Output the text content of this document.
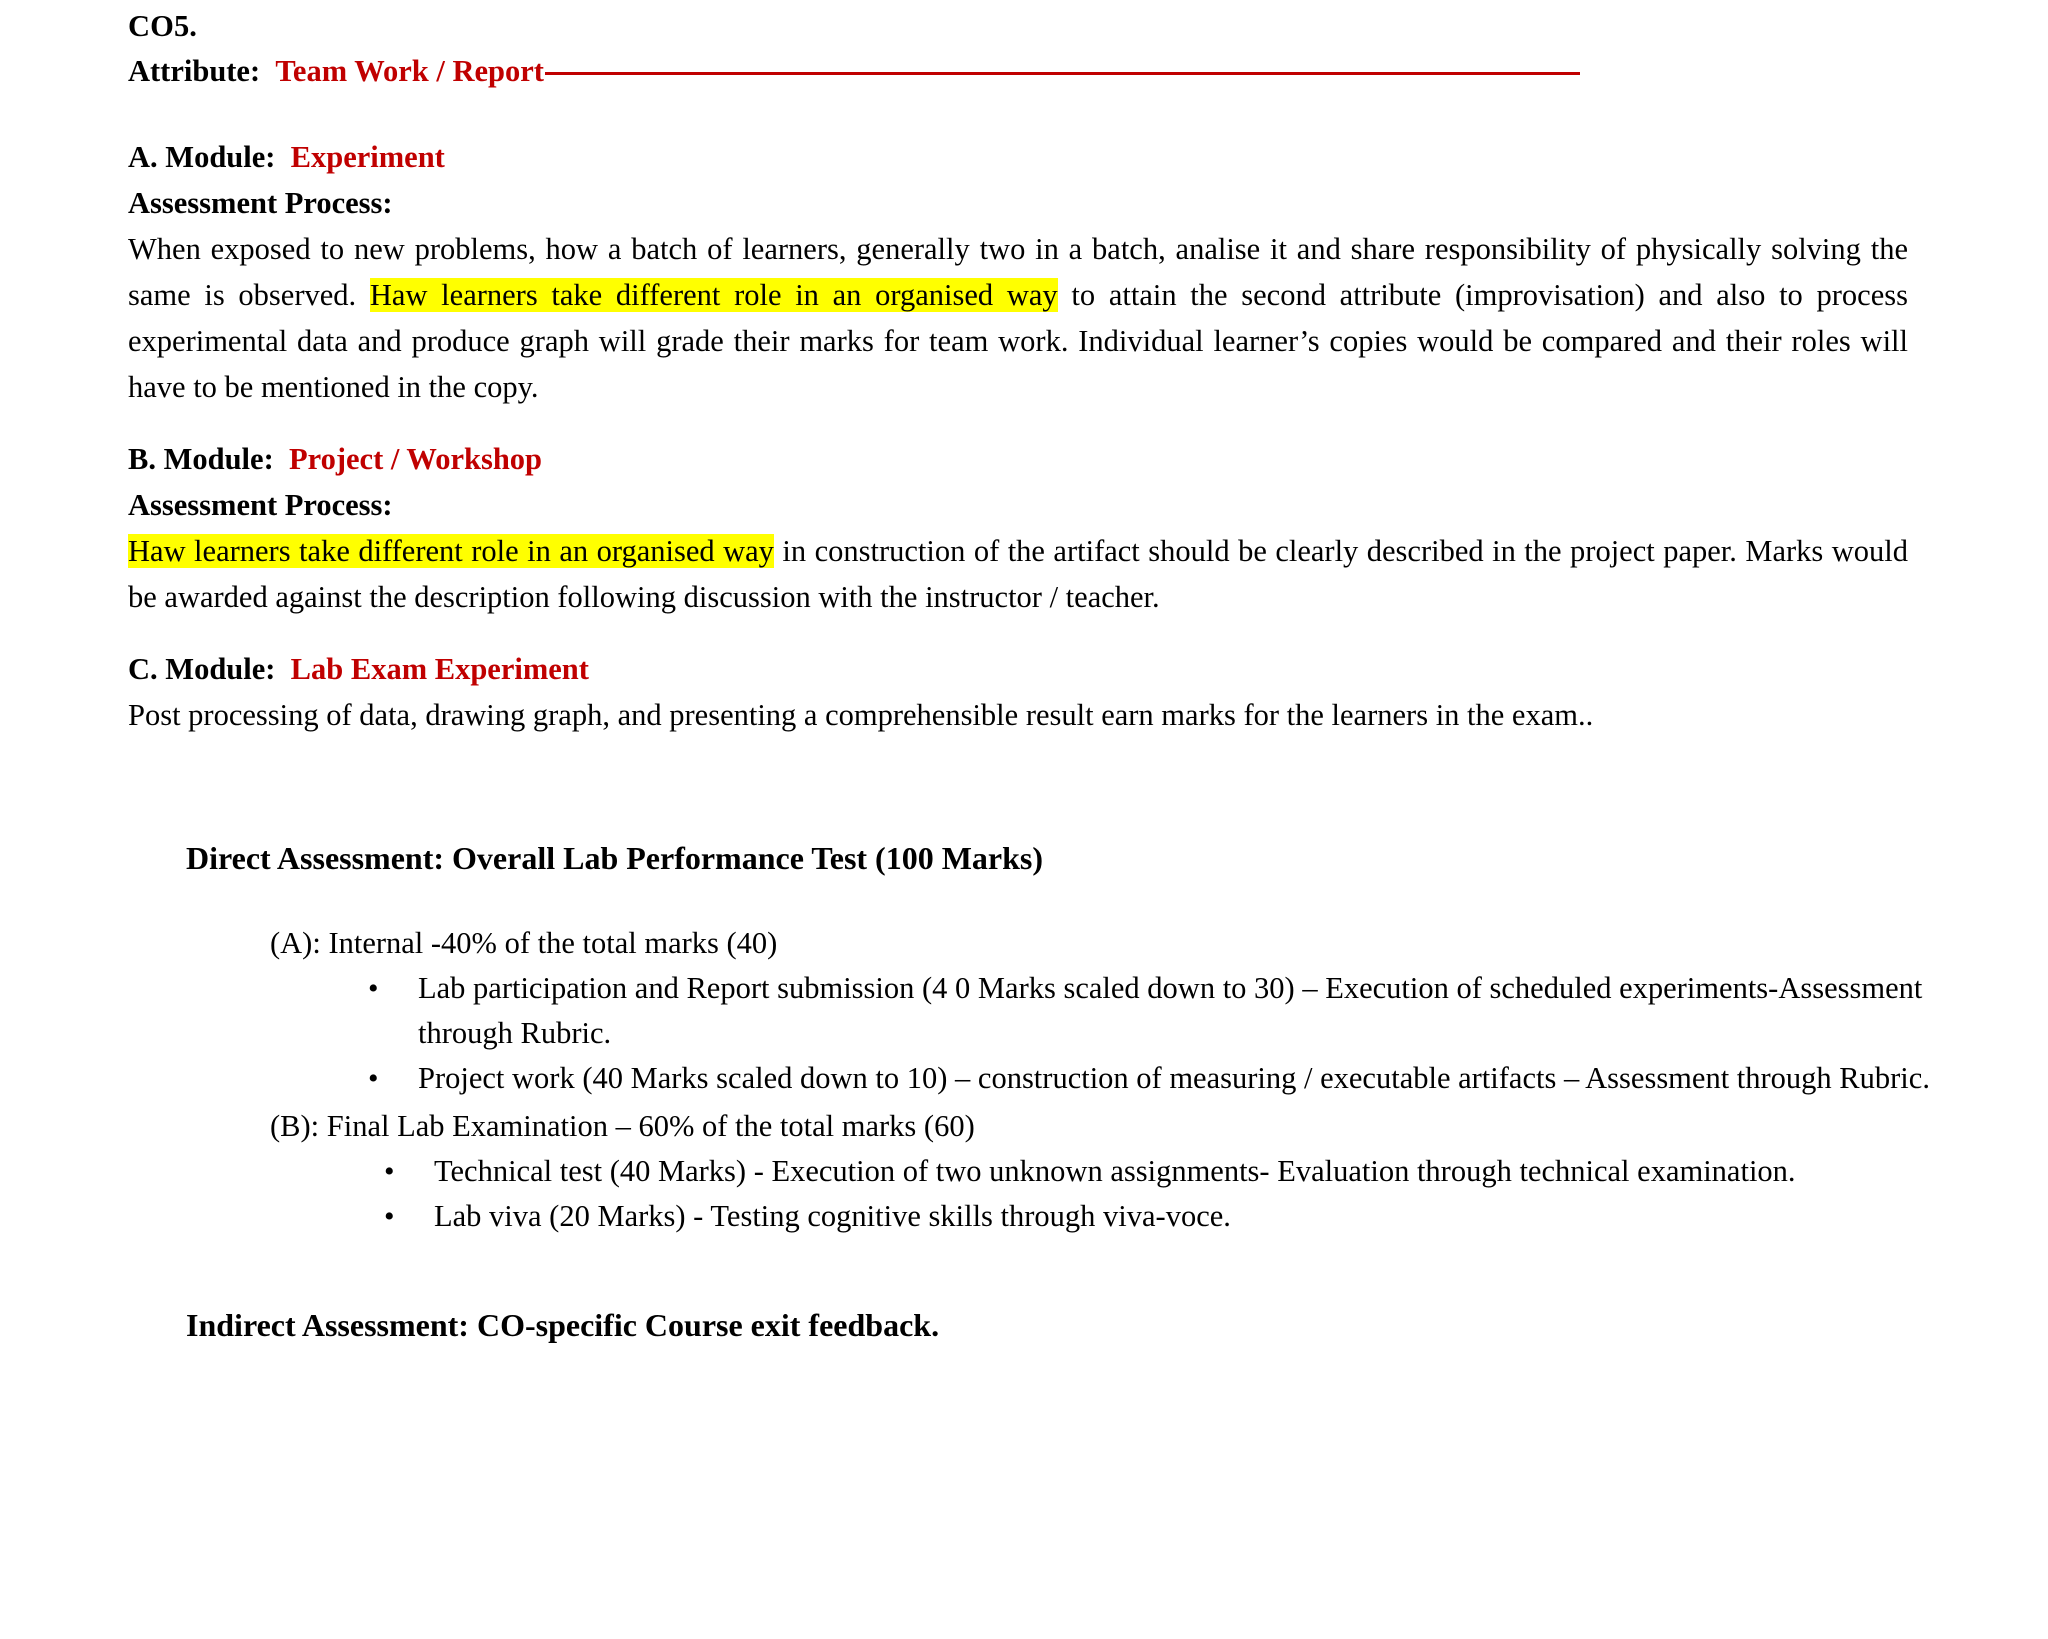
CO5.
Attribute: Team Work / Report
A. Module: Experiment
Assessment Process:

When exposed to new problems, how a batch of learners, generally two in a batch, analise it and share responsibility of physically solving the same is observed. Haw learners take different role in an organised way to attain the second attribute (improvisation) and also to process experimental data and produce graph will grade their marks for team work. Individual learner’s copies would be compared and their roles will have to be mentioned in the copy.

B. Module: Project / Workshop
Assessment Process:

Haw learners take different role in an organised way in construction of the artifact should be clearly described in the project paper. Marks would be awarded against the description following discussion with the instructor / teacher.

C. Module: Lab Exam Experiment

Post processing of data, drawing graph, and presenting a comprehensible result earn marks for the learners in the exam..

Direct Assessment: Overall Lab Performance Test (100 Marks)
(A): Internal -40% of the total marks (40)
• Lab participation and Report submission (4 0 Marks scaled down to 30) – Execution of scheduled experiments-Assessment through Rubric.
• Project work (40 Marks scaled down to 10) – construction of measuring / executable artifacts – Assessment through Rubric.
(B): Final Lab Examination – 60% of the total marks (60)
• Technical test (40 Marks) - Execution of two unknown assignments- Evaluation through technical examination.
• Lab viva (20 Marks) - Testing cognitive skills through viva-voce.
Indirect Assessment: CO-specific Course exit feedback.
